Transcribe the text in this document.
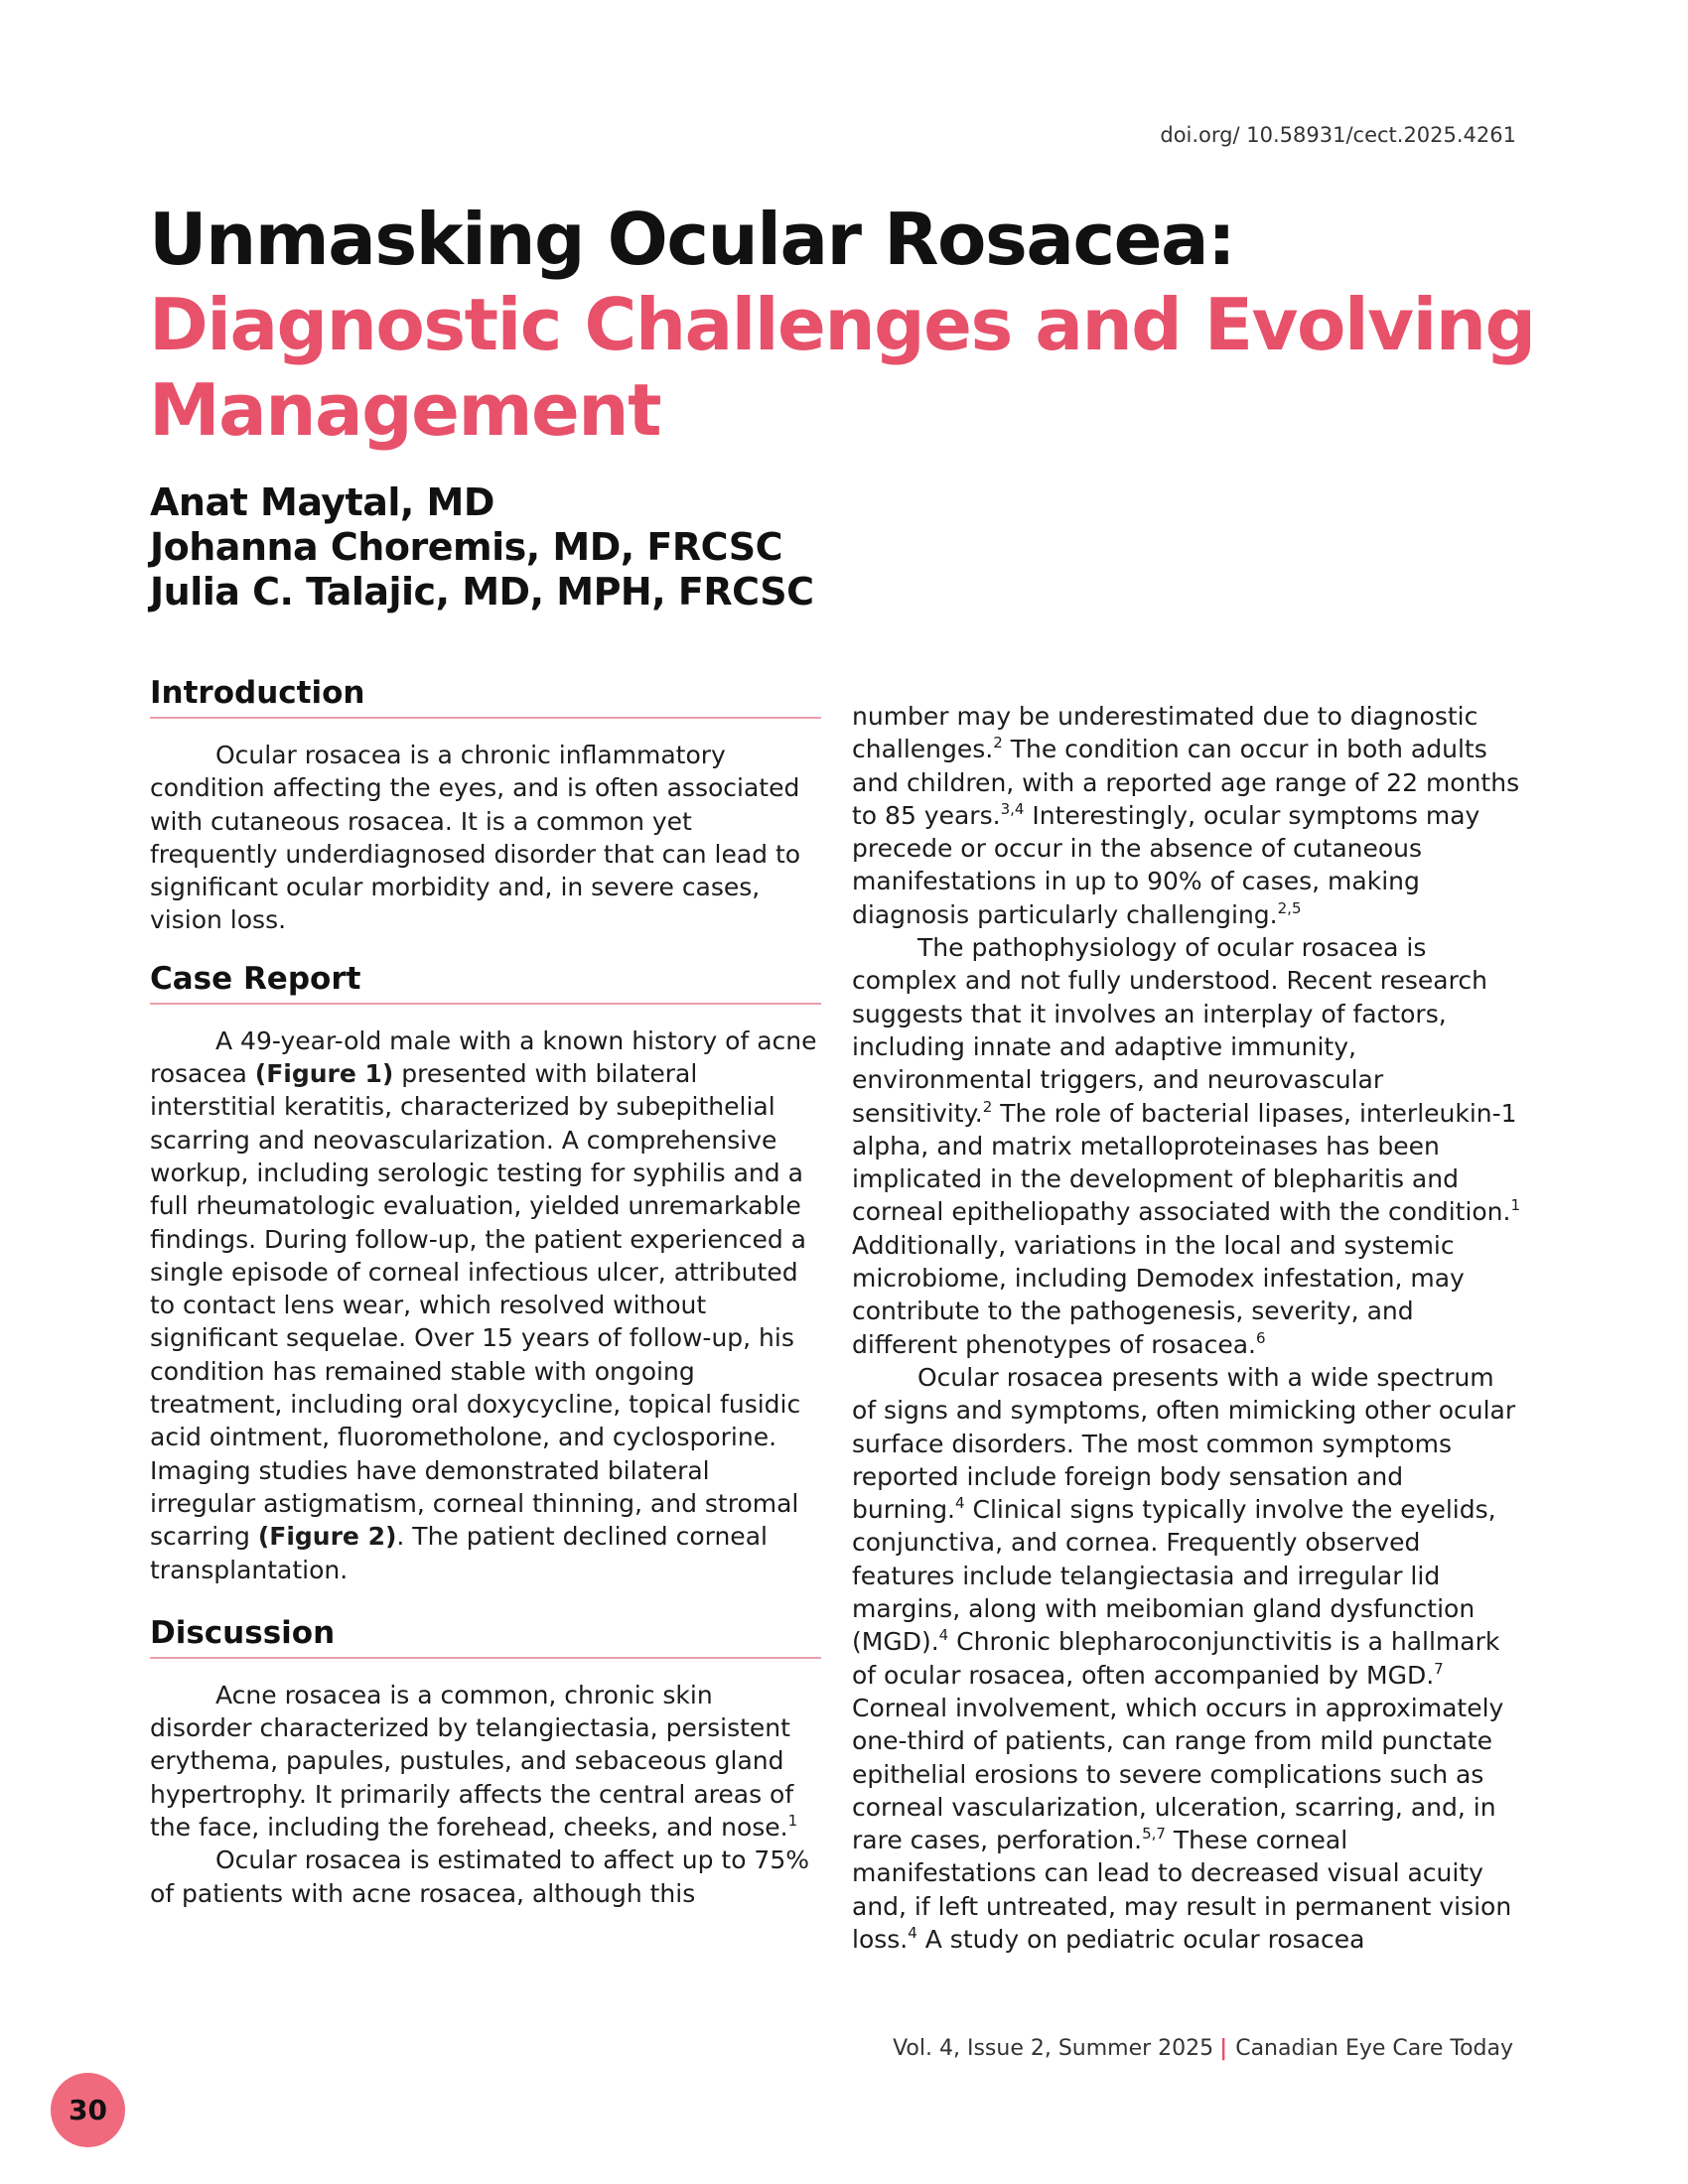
doi.org/ 10.58931/cect.2025.4261
Unmasking Ocular Rosacea:
Diagnostic Challenges and Evolving
Management
Anat Maytal, MD
Johanna Choremis, MD, FRCSC
Julia C. Talajic, MD, MPH, FRCSC
Introduction

Ocular rosacea is a chronic inflammatory condition affecting the eyes, and is often associated with cutaneous rosacea. It is a common yet frequently underdiagnosed disorder that can lead to significant ocular morbidity and, in severe cases, vision loss.

Case Report

A 49-year-old male with a known history of acne rosacea (Figure 1) presented with bilateral interstitial keratitis, characterized by subepithelial scarring and neovascularization. A comprehensive workup, including serologic testing for syphilis and a full rheumatologic evaluation, yielded unremarkable findings. During follow-up, the patient experienced a single episode of corneal infectious ulcer, attributed to contact lens wear, which resolved without significant sequelae. Over 15 years of follow-up, his condition has remained stable with ongoing treatment, including oral doxycycline, topical fusidic acid ointment, fluorometholone, and cyclosporine. Imaging studies have demonstrated bilateral irregular astigmatism, corneal thinning, and stromal scarring (Figure 2). The patient declined corneal transplantation.

Discussion

Acne rosacea is a common, chronic skin disorder characterized by telangiectasia, persistent erythema, papules, pustules, and sebaceous gland hypertrophy. It primarily affects the central areas of the face, including the forehead, cheeks, and nose.$^1$

Ocular rosacea is estimated to affect up to 75% of patients with acne rosacea, although this

number may be underestimated due to diagnostic challenges.$^2$ The condition can occur in both adults and children, with a reported age range of 22 months to 85 years.$^{3,4}$ Interestingly, ocular symptoms may precede or occur in the absence of cutaneous manifestations in up to 90% of cases, making diagnosis particularly challenging.$^{2,5}$

The pathophysiology of ocular rosacea is complex and not fully understood. Recent research suggests that it involves an interplay of factors, including innate and adaptive immunity, environmental triggers, and neurovascular sensitivity.$^2$ The role of bacterial lipases, interleukin-1 alpha, and matrix metalloproteinases has been implicated in the development of blepharitis and corneal epitheliopathy associated with the condition.$^1$ Additionally, variations in the local and systemic microbiome, including Demodex infestation, may contribute to the pathogenesis, severity, and different phenotypes of rosacea.$^6$

Ocular rosacea presents with a wide spectrum of signs and symptoms, often mimicking other ocular surface disorders. The most common symptoms reported include foreign body sensation and burning.$^4$ Clinical signs typically involve the eyelids, conjunctiva, and cornea. Frequently observed features include telangiectasia and irregular lid margins, along with meibomian gland dysfunction (MGD).$^4$ Chronic blepharoconjunctivitis is a hallmark of ocular rosacea, often accompanied by MGD.$^7$ Corneal involvement, which occurs in approximately one-third of patients, can range from mild punctate epithelial erosions to severe complications such as corneal vascularization, ulceration, scarring, and, in rare cases, perforation.$^{5,7}$ These corneal manifestations can lead to decreased visual acuity and, if left untreated, may result in permanent vision loss.$^4$ A study on pediatric ocular rosacea

Vol. 4, Issue 2, Summer 2025 | Canadian Eye Care Today
30
